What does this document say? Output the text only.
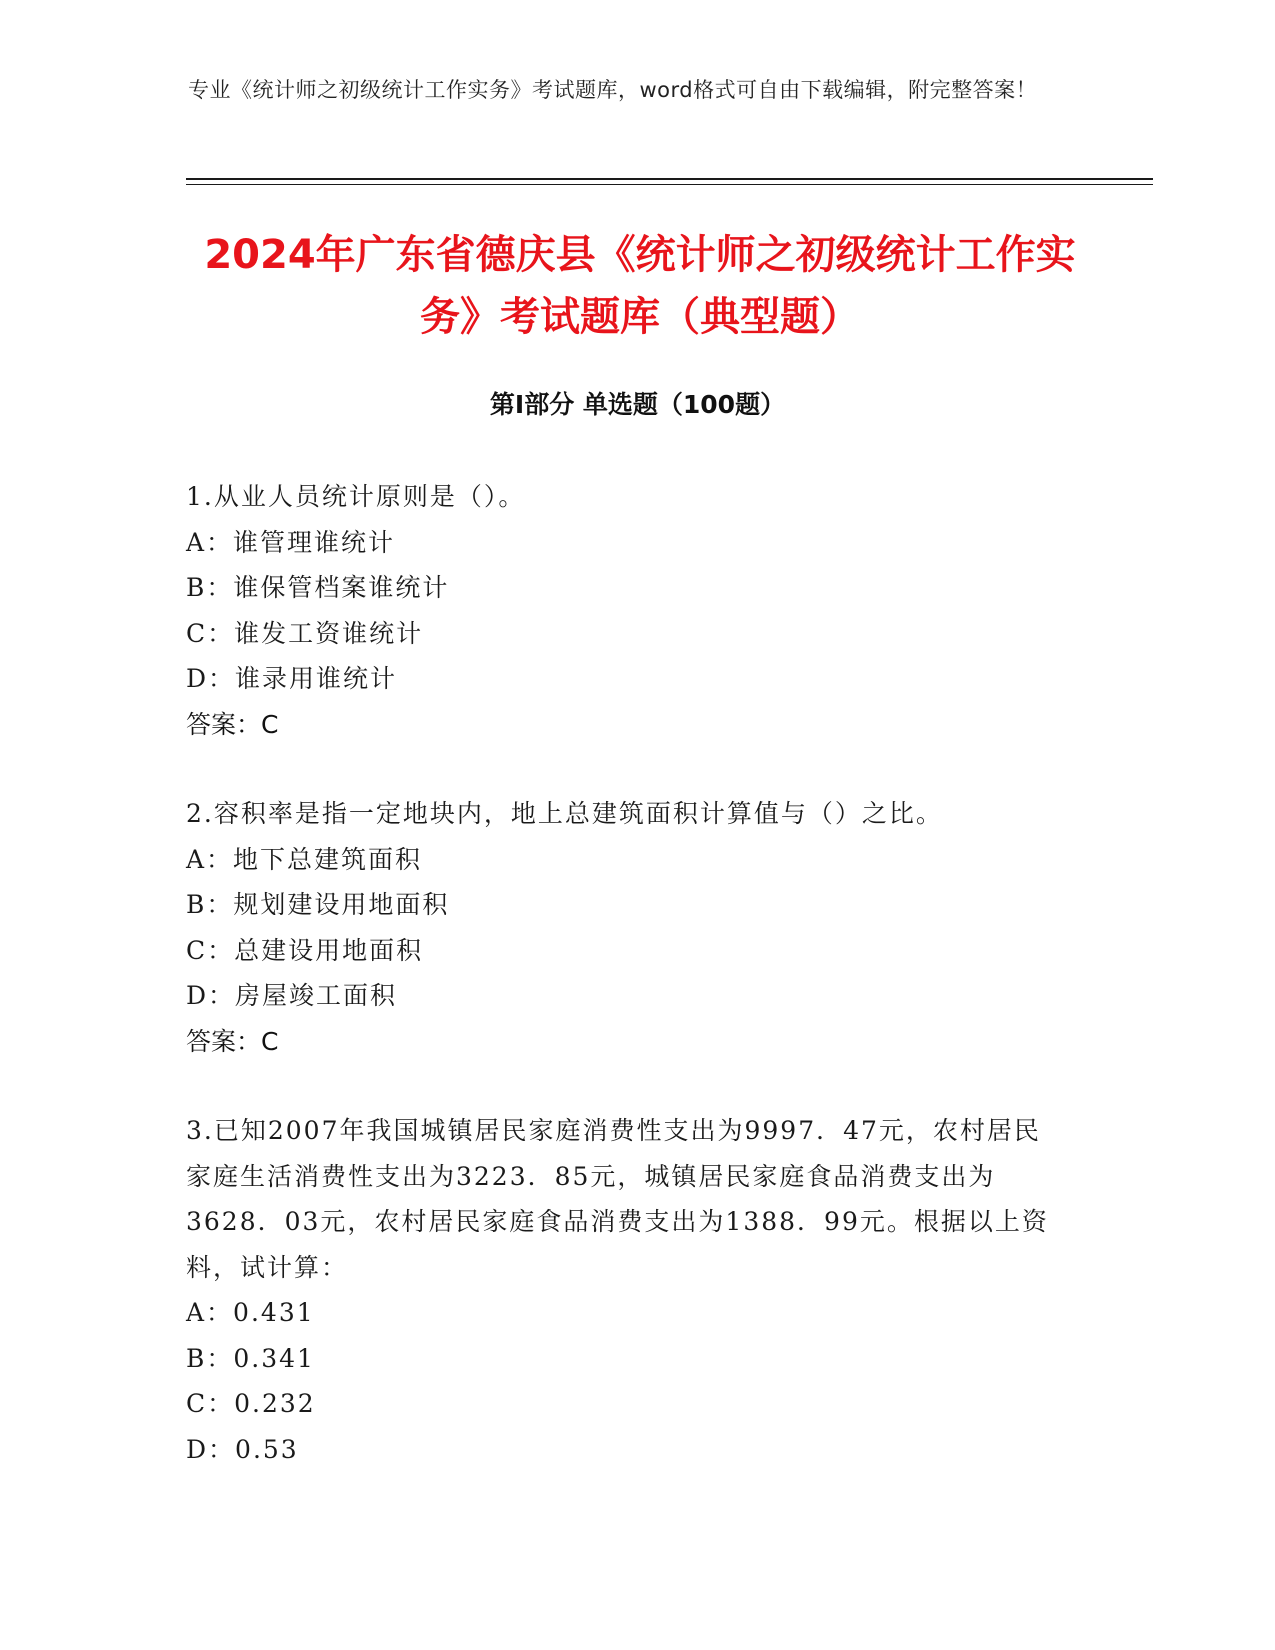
专业《统计师之初级统计工作实务》考试题库，word格式可自由下载编辑，附完整答案！
2024年广东省德庆县《统计师之初级统计工作实务》考试题库（典型题）
第Ⅰ部分 单选题（100题）
1.从业人员统计原则是（）。
A：谁管理谁统计
B：谁保管档案谁统计
C：谁发工资谁统计
D：谁录用谁统计
答案：C
2.容积率是指一定地块内，地上总建筑面积计算值与（）之比。
A：地下总建筑面积
B：规划建设用地面积
C：总建设用地面积
D：房屋竣工面积
答案：C
3.已知2007年我国城镇居民家庭消费性支出为9997．47元，农村居民家庭生活消费性支出为3223．85元，城镇居民家庭食品消费支出为3628．03元，农村居民家庭食品消费支出为1388．99元。根据以上资料，试计算：
A：0.431
B：0.341
C：0.232
D：0.53
